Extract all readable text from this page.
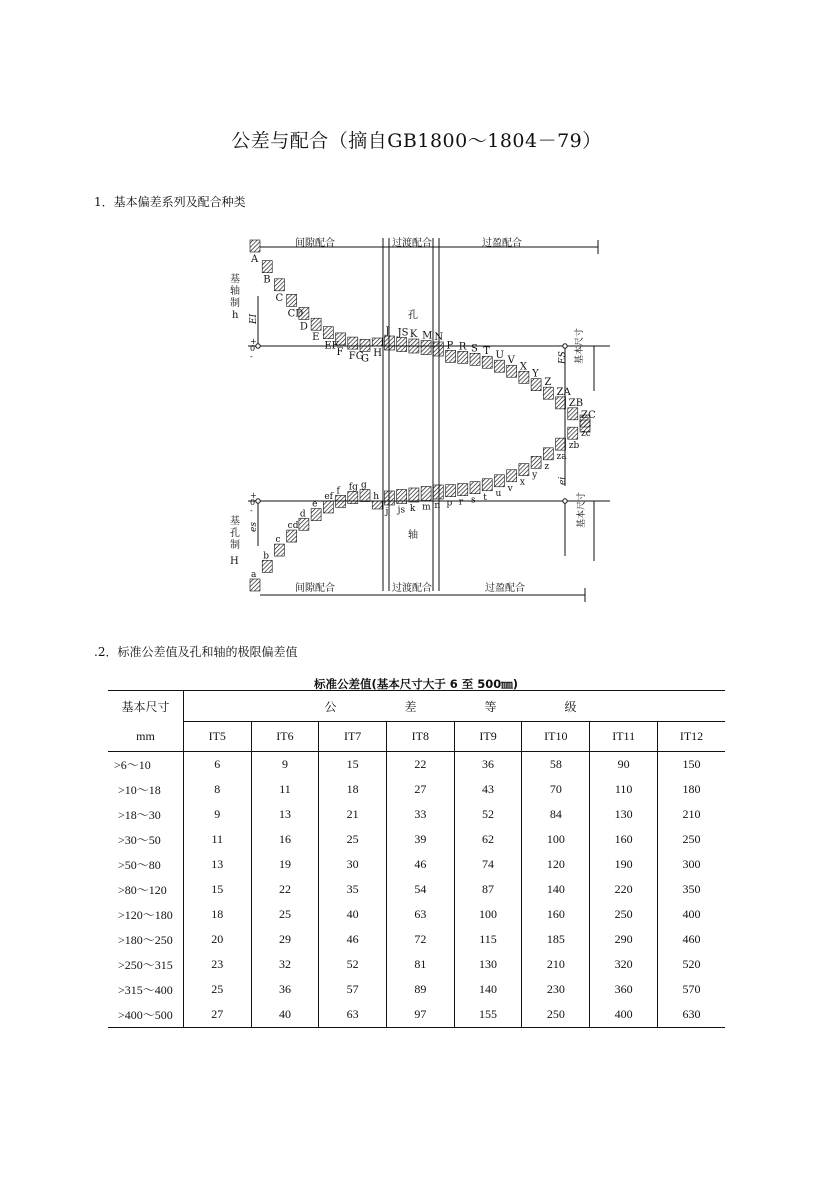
公差与配合（摘自GB1800～1804－79）
1．基本偏差系列及配合种类
A
B
C
CD
D
E
EF
F FG
G H
J JS K M N
P R S T U V
X
Y
Z
ZA
ZB
ZC
a
b
c
cd
d
e
ef
f fg g
h
j js k m n p r s t u
v
x
y
z
za
zb
zc
间隙配合	过渡配合	过盈配合
间隙配合	过渡配合	过盈配合
基
轴
制
h
基
孔
制
H
+
0
-
+
0
-
EI
ES
es
ei
孔
轴
基本尺寸
基本尺寸
.2．标准公差值及孔和轴的极限偏差值
标准公差值(基本尺寸大于 6 至 500㎜)
基本尺寸	公差等级							
mm	IT5	IT6	IT7	IT8	IT9	IT10	IT11	IT12
>6～10	6	9	15	22	36	58	90	150
>10～18	8	11	18	27	43	70	110	180
>18～30	9	13	21	33	52	84	130	210
>30～50	11	16	25	39	62	100	160	250
>50～80	13	19	30	46	74	120	190	300
>80～120	15	22	35	54	87	140	220	350
>120～180	18	25	40	63	100	160	250	400
>180～250	20	29	46	72	115	185	290	460
>250～315	23	32	52	81	130	210	320	520
>315～400	25	36	57	89	140	230	360	570
>400～500	27	40	63	97	155	250	400	630
